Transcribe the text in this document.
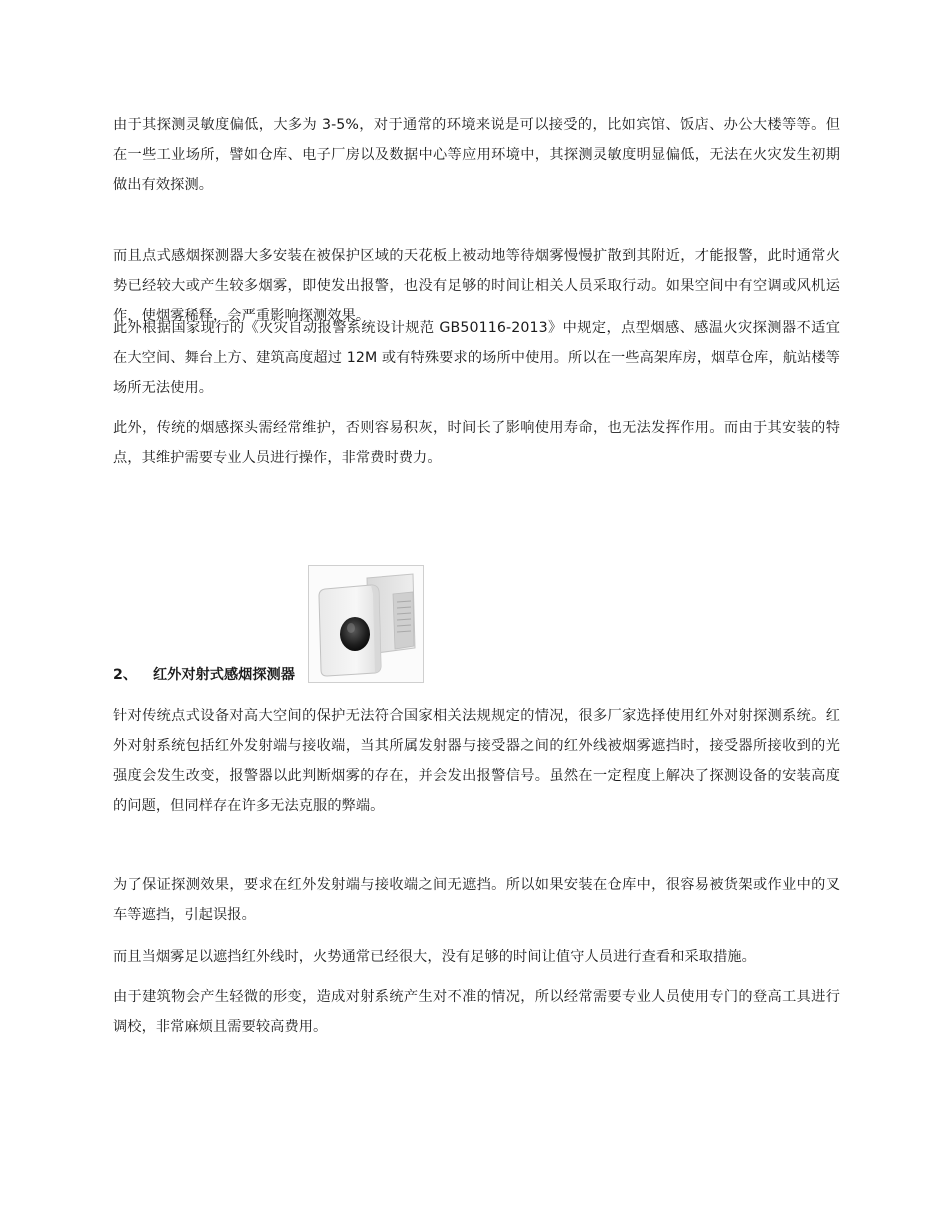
由于其探测灵敏度偏低，大多为 3-5%，对于通常的环境来说是可以接受的，比如宾馆、饭店、办公大楼等等。但在一些工业场所，譬如仓库、电子厂房以及数据中心等应用环境中，其探测灵敏度明显偏低，无法在火灾发生初期做出有效探测。

而且点式感烟探测器大多安装在被保护区域的天花板上被动地等待烟雾慢慢扩散到其附近，才能报警，此时通常火势已经较大或产生较多烟雾，即使发出报警，也没有足够的时间让相关人员采取行动。如果空间中有空调或风机运作，使烟雾稀释，会严重影响探测效果。

此外根据国家现行的《火灾自动报警系统设计规范 GB50116-2013》中规定，点型烟感、感温火灾探测器不适宜在大空间、舞台上方、建筑高度超过 12M 或有特殊要求的场所中使用。所以在一些高架库房，烟草仓库，航站楼等场所无法使用。

此外，传统的烟感探头需经常维护，否则容易积灰，时间长了影响使用寿命，也无法发挥作用。而由于其安装的特点，其维护需要专业人员进行操作，非常费时费力。

2、 红外对射式感烟探测器

针对传统点式设备对高大空间的保护无法符合国家相关法规规定的情况，很多厂家选择使用红外对射探测系统。红外对射系统包括红外发射端与接收端，当其所属发射器与接受器之间的红外线被烟雾遮挡时，接受器所接收到的光强度会发生改变，报警器以此判断烟雾的存在，并会发出报警信号。虽然在一定程度上解决了探测设备的安装高度的问题，但同样存在许多无法克服的弊端。

为了保证探测效果，要求在红外发射端与接收端之间无遮挡。所以如果安装在仓库中，很容易被货架或作业中的叉车等遮挡，引起误报。

而且当烟雾足以遮挡红外线时，火势通常已经很大，没有足够的时间让值守人员进行查看和采取措施。

由于建筑物会产生轻微的形变，造成对射系统产生对不准的情况，所以经常需要专业人员使用专门的登高工具进行调校，非常麻烦且需要较高费用。
